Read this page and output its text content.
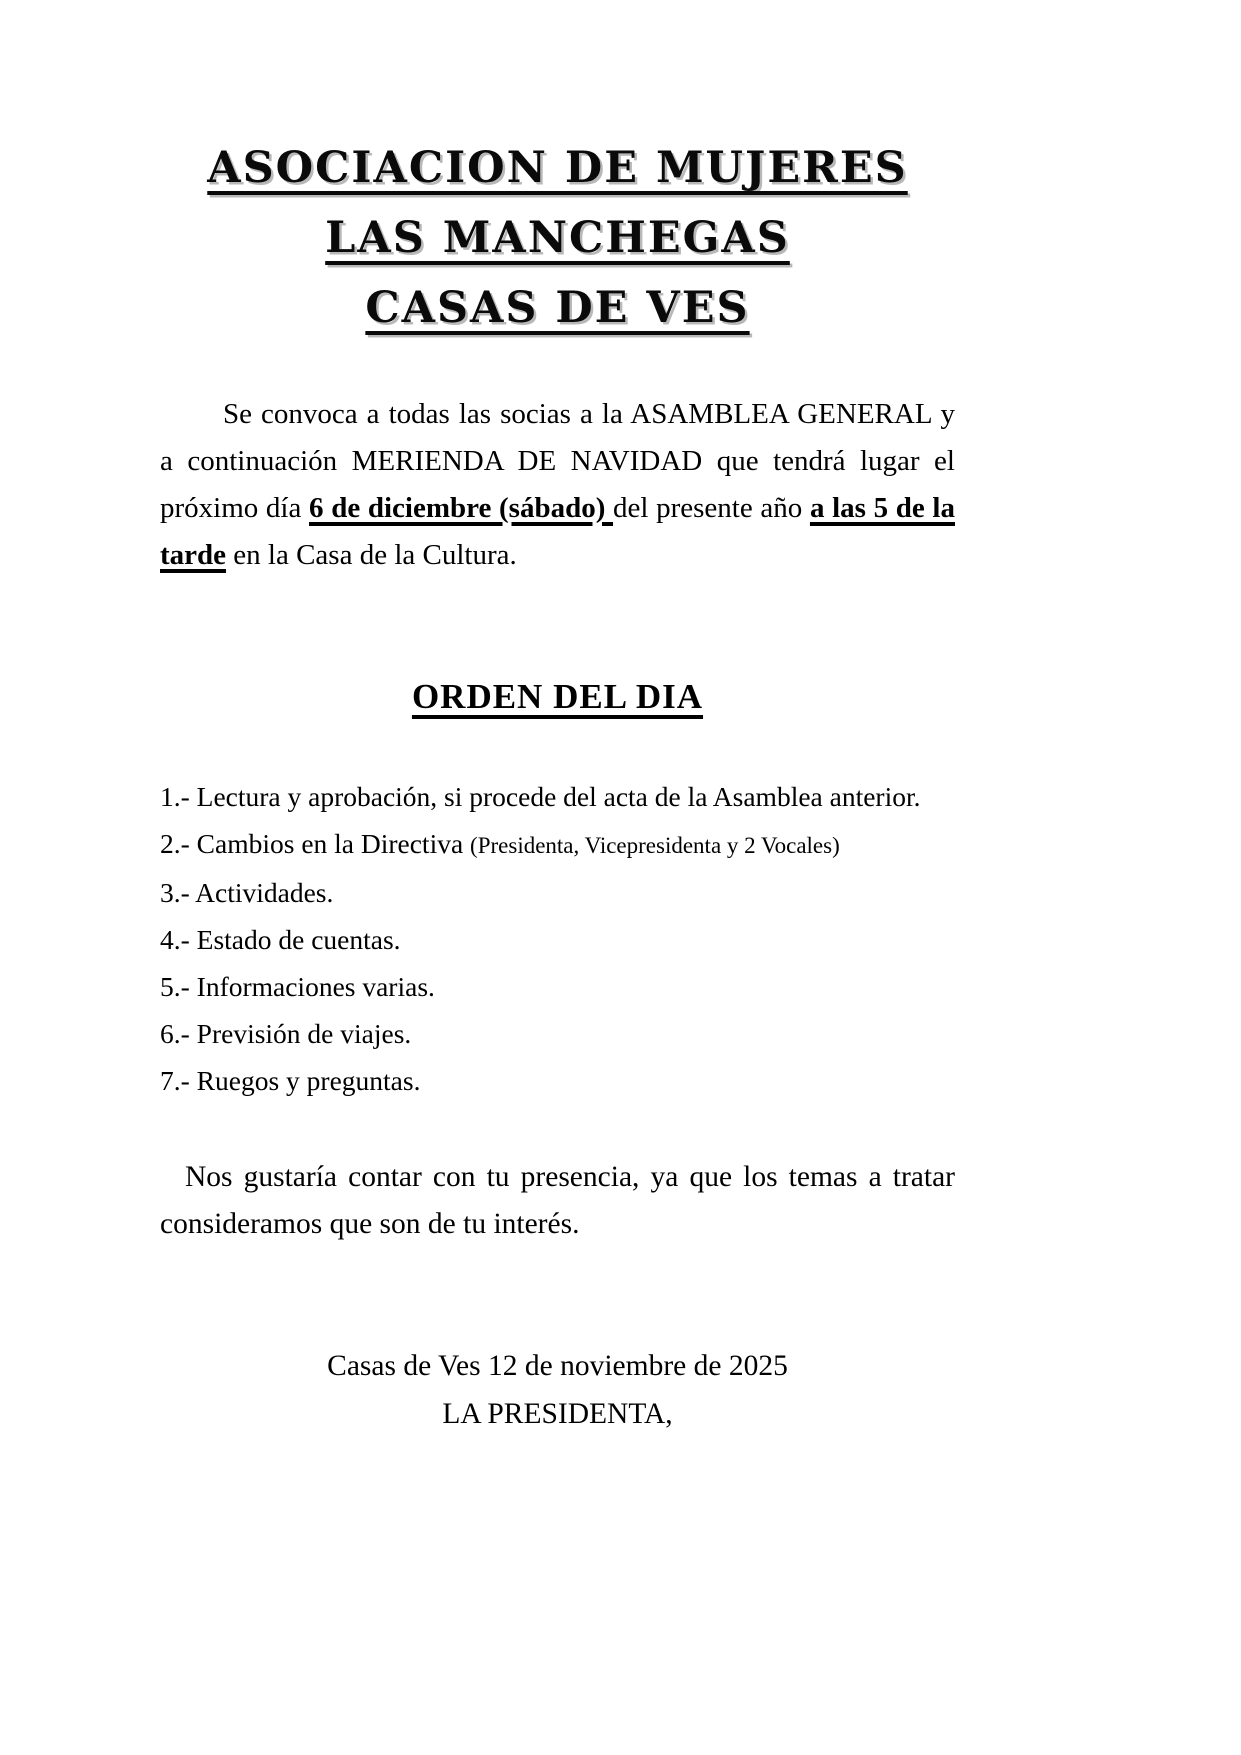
ASOCIACION DE MUJERES
LAS MANCHEGAS
CASAS DE VES

Se convoca a todas las socias a la ASAMBLEA GENERAL y a continuación MERIENDA DE NAVIDAD que tendrá lugar el próximo día 6 de diciembre (sábado) del presente año a las 5 de la tarde en la Casa de la Cultura.

ORDEN DEL DIA
1.- Lectura y aprobación, si procede del acta de la Asamblea anterior.
2.- Cambios en la Directiva (Presidenta, Vicepresidenta y 2 Vocales)
3.- Actividades.
4.- Estado de cuentas.
5.- Informaciones varias.
6.- Previsión de viajes.
7.- Ruegos y preguntas.

Nos gustaría contar con tu presencia, ya que los temas a tratar consideramos que son de tu interés.

Casas de Ves 12 de noviembre de 2025
LA PRESIDENTA,
